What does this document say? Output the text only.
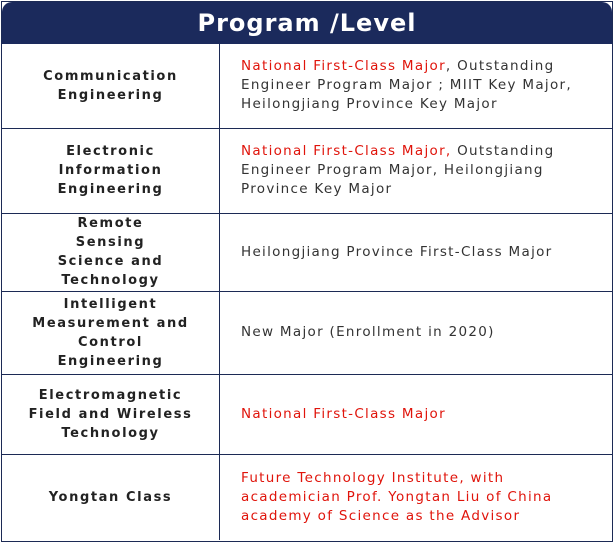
Program /Level
Communication Engineering	National First-Class Major, Outstanding Engineer Program Major ; MIIT Key Major, Heilongjiang Province Key Major
Electronic Information Engineering	National First-Class Major, Outstanding Engineer Program Major, Heilongjiang Province Key Major
Remote Sensing Science and Technology	Heilongjiang Province First-Class Major
Intelligent Measurement and Control Engineering	New Major (Enrollment in 2020)
Electromagnetic Field and Wireless Technology	National First-Class Major
Yongtan Class	Future Technology Institute, with academician Prof. Yongtan Liu of China academy of Science as the Advisor
